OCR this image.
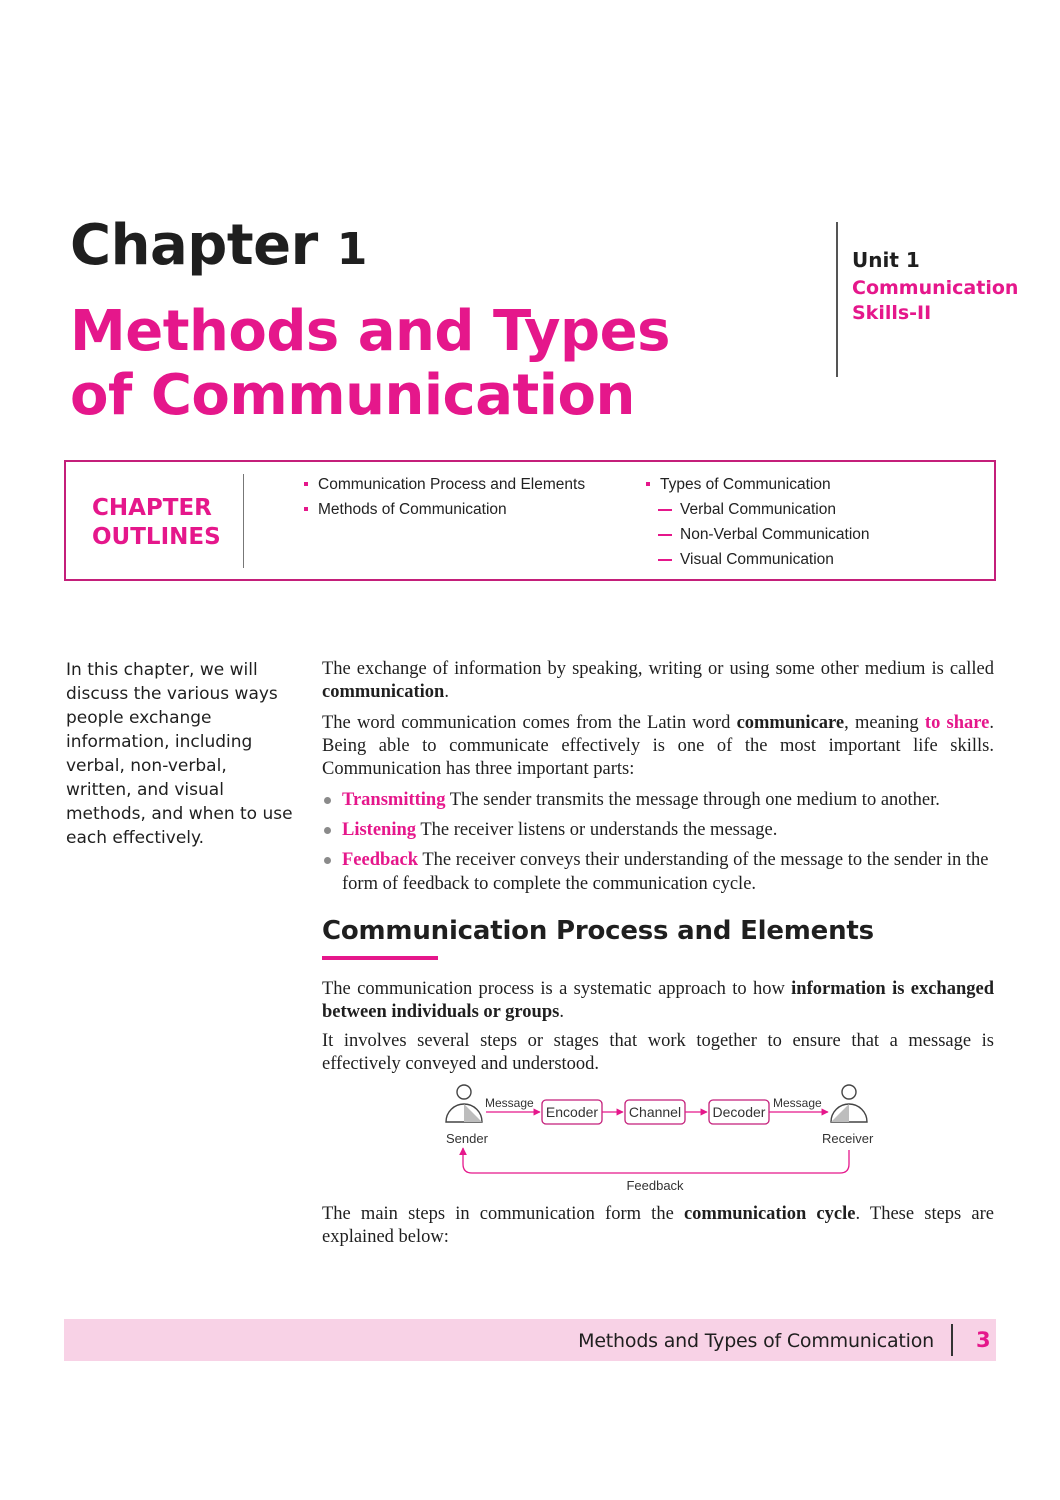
Chapter 1
Methods and Types
of Communication
Unit 1
Communication
Skills-II
CHAPTER
OUTLINES
Communication Process and Elements
Methods of Communication
Types of Communication
Verbal Communication
Non-Verbal Communication
Visual Communication
In this chapter, we will discuss the various ways people exchange information, including verbal, non-verbal, written, and visual methods, and when to use each effectively.
The exchange of information by speaking, writing or using some other medium is called communication.
The word communication comes from the Latin word communicare, meaning to share. Being able to communicate effectively is one of the most important life skills. Communication has three important parts:
Transmitting The sender transmits the message through one medium to another.
Listening The receiver listens or understands the message.
Feedback The receiver conveys their understanding of the message to the sender in the form of feedback to complete the communication cycle.
Communication Process and Elements
The communication process is a systematic approach to how information is exchanged between individuals or groups.
It involves several steps or stages that work together to ensure that a message is effectively conveyed and understood.
Sender	Receiver
Message
Encoder Channel Decoder
Message
Feedback
The main steps in communication form the communication cycle. These steps are explained below:
Methods and Types of Communication 3
